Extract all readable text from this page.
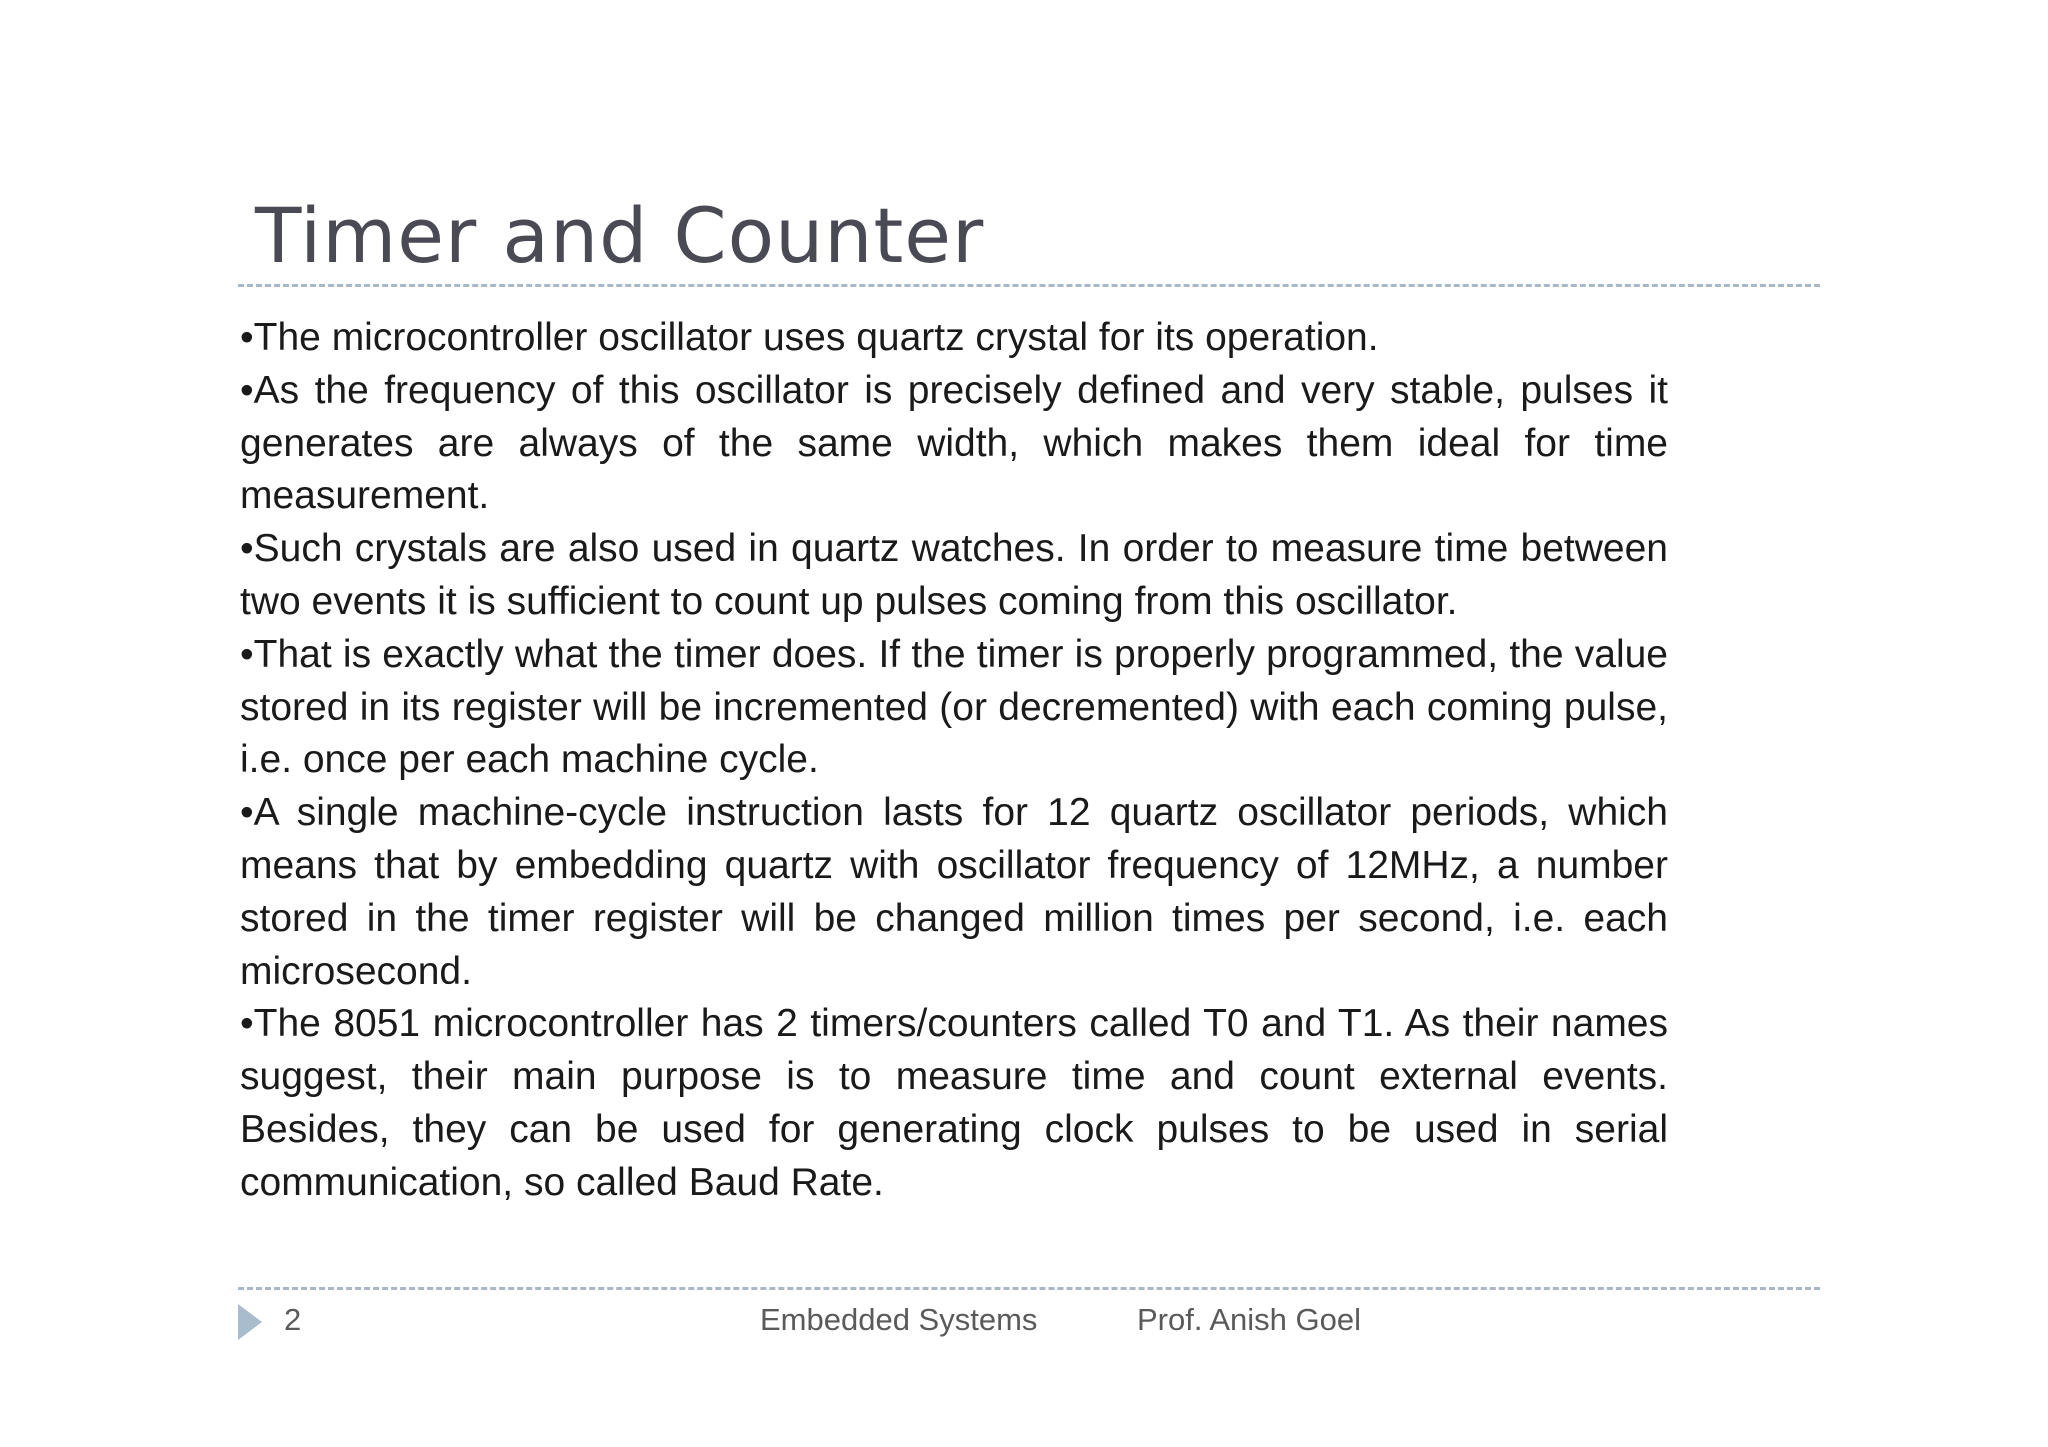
Timer and Counter

•The microcontroller oscillator uses quartz crystal for its operation.

•As the frequency of this oscillator is precisely defined and very stable, pulses it generates are always of the same width, which makes them ideal for time measurement.

•Such crystals are also used in quartz watches. In order to measure time between two events it is sufficient to count up pulses coming from this oscillator.

•That is exactly what the timer does. If the timer is properly programmed, the value stored in its register will be incremented (or decremented) with each coming pulse, i.e. once per each machine cycle.

•A single machine-cycle instruction lasts for 12 quartz oscillator periods, which means that by embedding quartz with oscillator frequency of 12MHz, a number stored in the timer register will be changed million times per second, i.e. each microsecond.

•The 8051 microcontroller has 2 timers/counters called T0 and T1. As their names suggest, their main purpose is to measure time and count external events. Besides, they can be used for generating clock pulses to be used in serial communication, so called Baud Rate.

2	Embedded Systems	Prof. Anish Goel
